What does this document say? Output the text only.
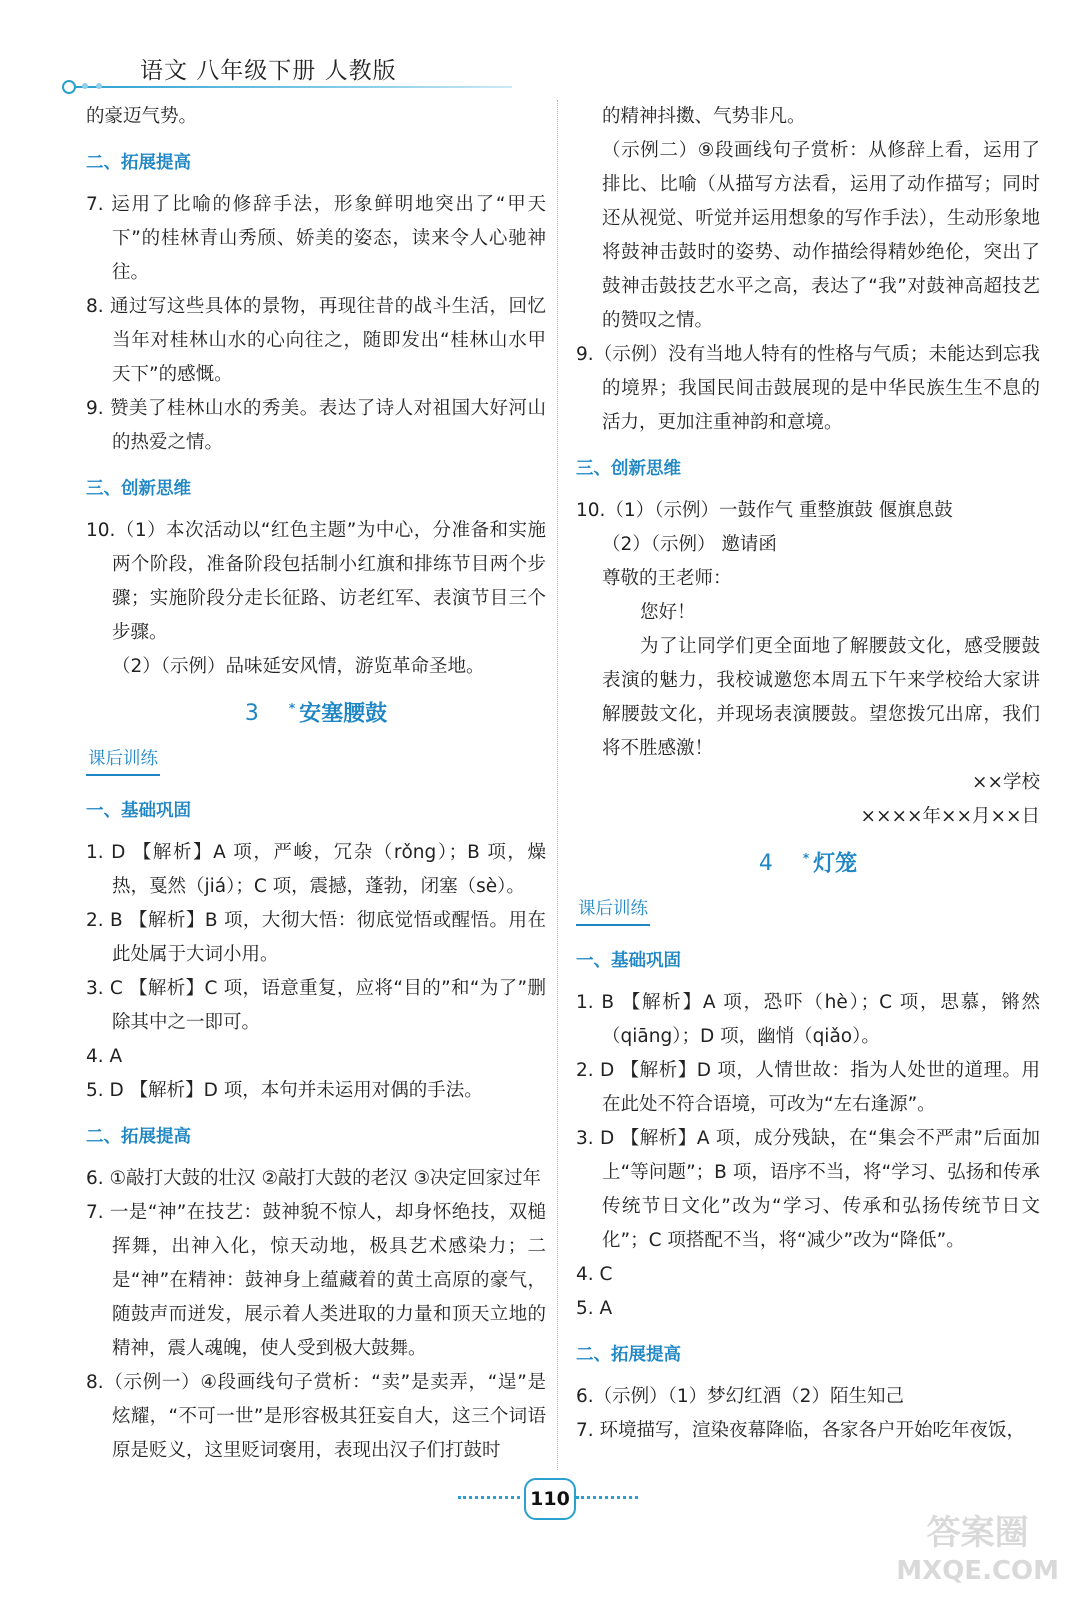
语文 八年级下册 人教版

的豪迈气势。

二、拓展提高

7. 运用了比喻的修辞手法，形象鲜明地突出了“甲天下”的桂林青山秀颀、娇美的姿态，读来令人心驰神往。

8. 通过写这些具体的景物，再现往昔的战斗生活，回忆当年对桂林山水的心向往之，随即发出“桂林山水甲天下”的感慨。

9. 赞美了桂林山水的秀美。表达了诗人对祖国大好河山的热爱之情。

三、创新思维

10.（1）本次活动以“红色主题”为中心，分准备和实施两个阶段，准备阶段包括制小红旗和排练节目两个步骤；实施阶段分走长征路、访老红军、表演节目三个步骤。

（2）（示例）品味延安风情，游览革命圣地。

3	* 安塞腰鼓
课后训练
一、基础巩固

1. D 【解析】A 项，严峻，冗杂（rǒng）；B 项，燥热，戛然（jiá）；C 项，震撼，蓬勃，闭塞（sè）。

2. B 【解析】B 项，大彻大悟：彻底觉悟或醒悟。用在此处属于大词小用。

3. C 【解析】C 项，语意重复，应将“目的”和“为了”删除其中之一即可。

4. A

5. D 【解析】D 项，本句并未运用对偶的手法。

二、拓展提高

6. ①敲打大鼓的壮汉 ②敲打大鼓的老汉 ③决定回家过年

7. 一是“神”在技艺：鼓神貌不惊人，却身怀绝技，双槌挥舞，出神入化，惊天动地，极具艺术感染力；二是“神”在精神：鼓神身上蕴藏着的黄土高原的豪气，随鼓声而迸发，展示着人类进取的力量和顶天立地的精神，震人魂魄，使人受到极大鼓舞。

8.（示例一）④段画线句子赏析：“卖”是卖弄，“逞”是炫耀，“不可一世”是形容极其狂妄自大，这三个词语原是贬义，这里贬词褒用，表现出汉子们打鼓时

的精神抖擞、气势非凡。

（示例二）⑨段画线句子赏析：从修辞上看，运用了排比、比喻（从描写方法看，运用了动作描写；同时还从视觉、听觉并运用想象的写作手法），生动形象地将鼓神击鼓时的姿势、动作描绘得精妙绝伦，突出了鼓神击鼓技艺水平之高，表达了“我”对鼓神高超技艺的赞叹之情。

9.（示例）没有当地人特有的性格与气质；未能达到忘我的境界；我国民间击鼓展现的是中华民族生生不息的活力，更加注重神韵和意境。

三、创新思维

10.（1）（示例）一鼓作气 重整旗鼓 偃旗息鼓

（2）（示例） 邀请函

尊敬的王老师：

您好！

为了让同学们更全面地了解腰鼓文化，感受腰鼓表演的魅力，我校诚邀您本周五下午来学校给大家讲解腰鼓文化，并现场表演腰鼓。望您拨冗出席，我们将不胜感激！

××学校

××××年××月××日

4	* 灯笼
课后训练
一、基础巩固

1. B 【解析】A 项，恐吓（hè）；C 项，思慕，锵然（qiāng）；D 项，幽悄（qiǎo）。

2. D 【解析】D 项，人情世故：指为人处世的道理。用在此处不符合语境，可改为“左右逢源”。

3. D 【解析】A 项，成分残缺，在“集会不严肃”后面加上“等问题”；B 项，语序不当，将“学习、弘扬和传承传统节日文化”改为“学习、传承和弘扬传统节日文化”；C 项搭配不当，将“减少”改为“降低”。

4. C

5. A

二、拓展提高

6.（示例）（1）梦幻红酒（2）陌生知己

7. 环境描写，渲染夜幕降临，各家各户开始吃年夜饭，

110
答案圈
MXQE.COM
